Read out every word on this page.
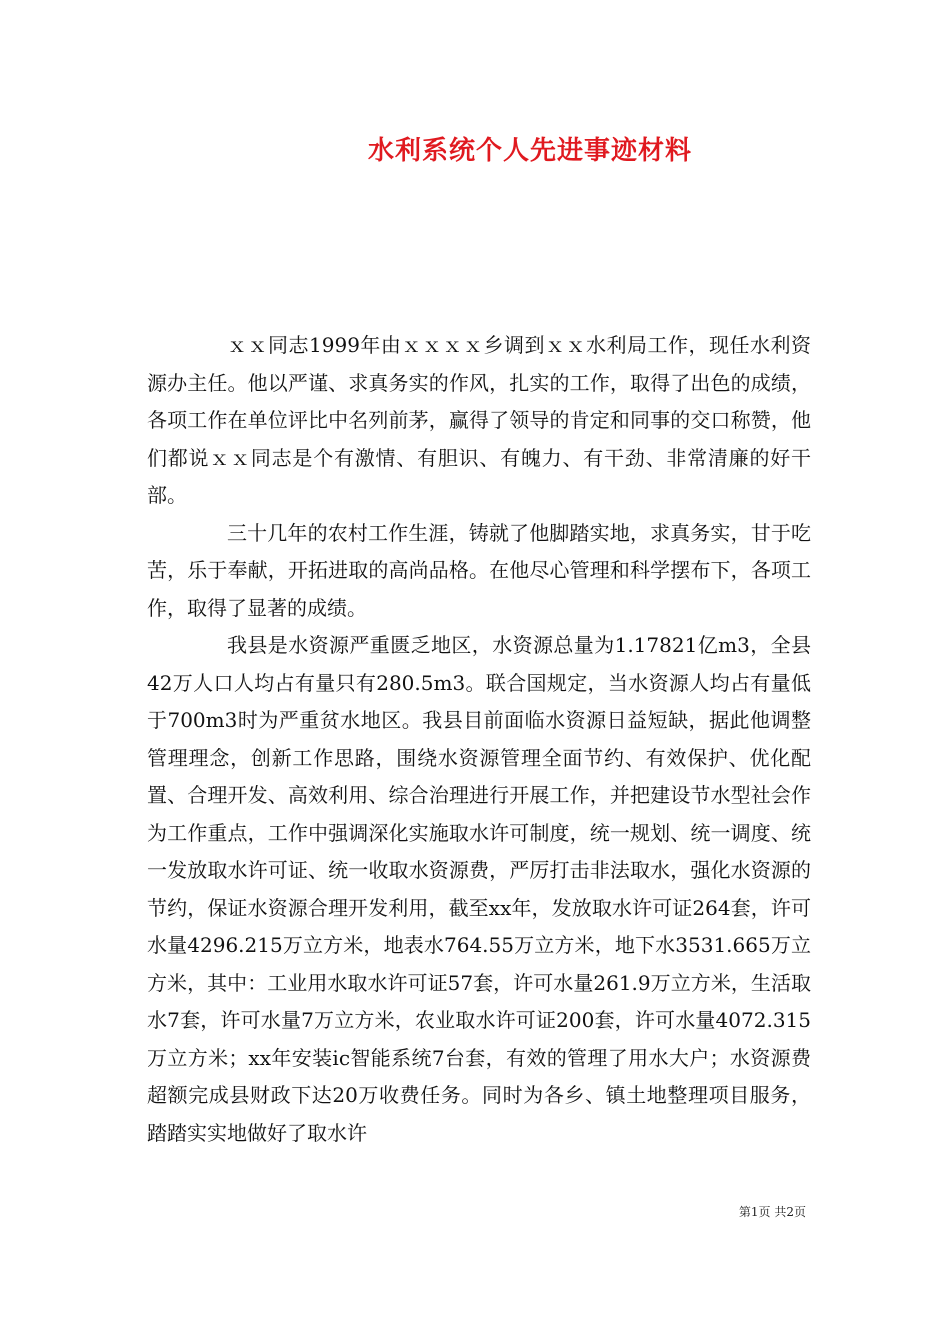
水利系统个人先进事迹材料

ｘｘ同志1999年由ｘｘｘｘ乡调到ｘｘ水利局工作，现任水利资源办主任。他以严谨、求真务实的作风，扎实的工作，取得了出色的成绩，各项工作在单位评比中名列前茅，赢得了领导的肯定和同事的交口称赞，他们都说ｘｘ同志是个有激情、有胆识、有魄力、有干劲、非常清廉的好干部。

三十几年的农村工作生涯，铸就了他脚踏实地，求真务实，甘于吃苦，乐于奉献，开拓进取的高尚品格。在他尽心管理和科学摆布下，各项工作，取得了显著的成绩。

我县是水资源严重匮乏地区，水资源总量为1.17821亿m3，全县42万人口人均占有量只有280.5m3。联合国规定，当水资源人均占有量低于700m3时为严重贫水地区。我县目前面临水资源日益短缺，据此他调整管理理念，创新工作思路，围绕水资源管理全面节约、有效保护、优化配置、合理开发、高效利用、综合治理进行开展工作，并把建设节水型社会作为工作重点，工作中强调深化实施取水许可制度，统一规划、统一调度、统一发放取水许可证、统一收取水资源费，严厉打击非法取水，强化水资源的节约，保证水资源合理开发利用，截至xx年，发放取水许可证264套，许可水量4296.215万立方米，地表水764.55万立方米，地下水3531.665万立方米，其中：工业用水取水许可证57套，许可水量261.9万立方米，生活取水7套，许可水量7万立方米，农业取水许可证200套，许可水量4072.315万立方米；xx年安装ic智能系统7台套，有效的管理了用水大户；水资源费超额完成县财政下达20万收费任务。同时为各乡、镇土地整理项目服务，踏踏实实地做好了取水许

第1页 共2页
